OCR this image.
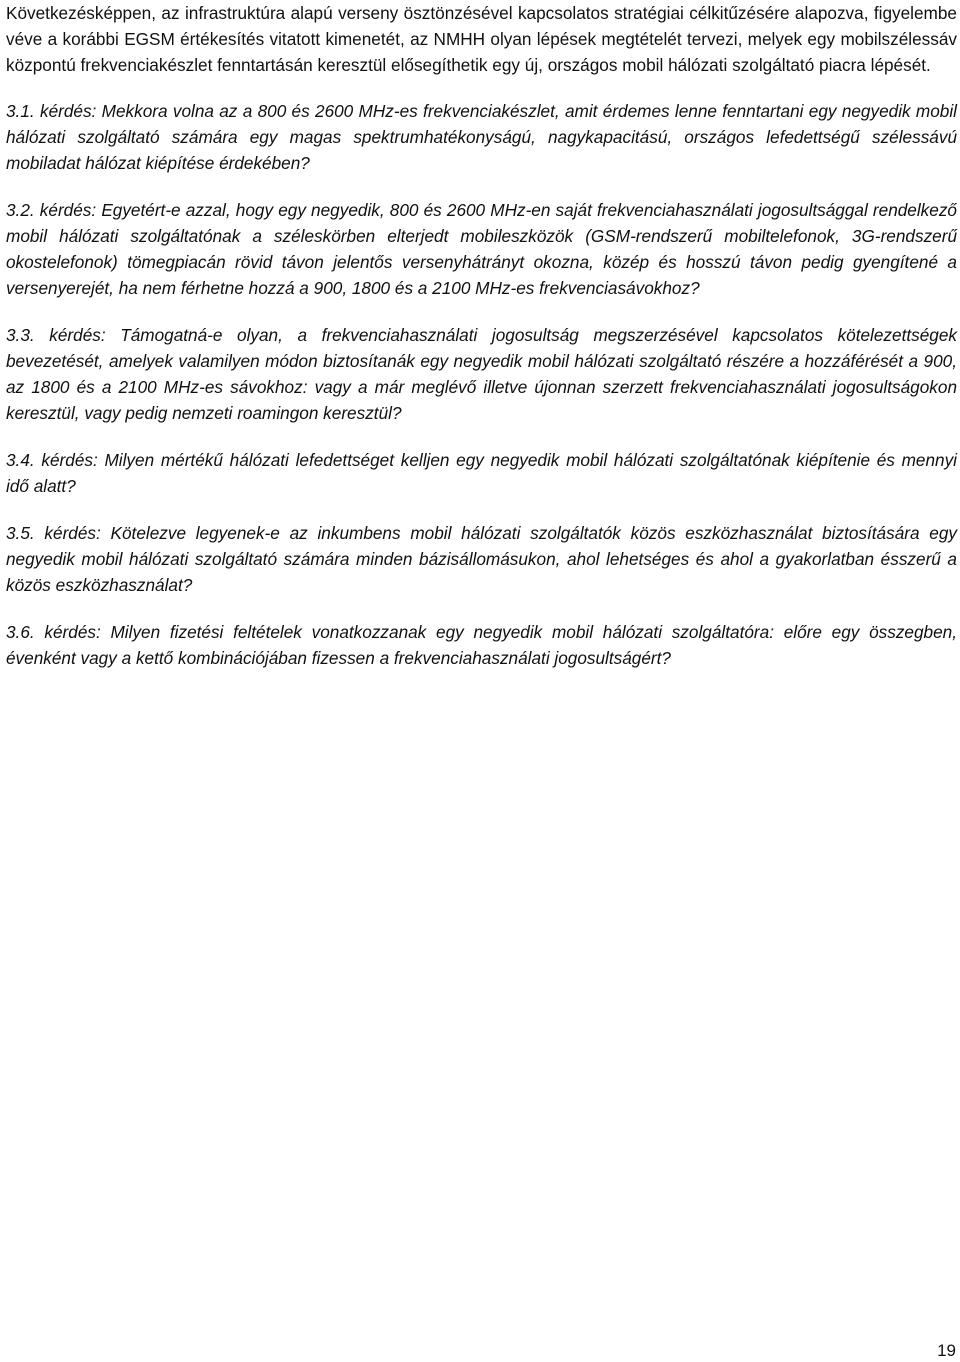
Következésképpen, az infrastruktúra alapú verseny ösztönzésével kapcsolatos stratégiai célkitűzésére alapozva, figyelembe véve a korábbi EGSM értékesítés vitatott kimenetét, az NMHH olyan lépések megtételét tervezi, melyek egy mobilszélessáv központú frekvenciakészlet fenntartásán keresztül elősegíthetik egy új, országos mobil hálózati szolgáltató piacra lépését.

3.1. kérdés: Mekkora volna az a 800 és 2600 MHz-es frekvenciakészlet, amit érdemes lenne fenntartani egy negyedik mobil hálózati szolgáltató számára egy magas spektrumhatékonyságú, nagykapacitású, országos lefedettségű szélessávú mobiladat hálózat kiépítése érdekében?

3.2. kérdés: Egyetért-e azzal, hogy egy negyedik, 800 és 2600 MHz-en saját frekvenciahasználati jogosultsággal rendelkező mobil hálózati szolgáltatónak a széleskörben elterjedt mobileszközök (GSM-rendszerű mobiltelefonok, 3G-rendszerű okostelefonok) tömegpiacán rövid távon jelentős versenyhátrányt okozna, közép és hosszú távon pedig gyengítené a versenyerejét, ha nem férhetne hozzá a 900, 1800 és a 2100 MHz-es frekvenciasávokhoz?

3.3. kérdés: Támogatná-e olyan, a frekvenciahasználati jogosultság megszerzésével kapcsolatos kötelezettségek bevezetését, amelyek valamilyen módon biztosítanák egy negyedik mobil hálózati szolgáltató részére a hozzáférését a 900, az 1800 és a 2100 MHz-es sávokhoz: vagy a már meglévő illetve újonnan szerzett frekvenciahasználati jogosultságokon keresztül, vagy pedig nemzeti roamingon keresztül?

3.4. kérdés: Milyen mértékű hálózati lefedettséget kelljen egy negyedik mobil hálózati szolgáltatónak kiépítenie és mennyi idő alatt?

3.5. kérdés: Kötelezve legyenek-e az inkumbens mobil hálózati szolgáltatók közös eszközhasználat biztosítására egy negyedik mobil hálózati szolgáltató számára minden bázisállomásukon, ahol lehetséges és ahol a gyakorlatban ésszerű a közös eszközhasználat?

3.6. kérdés: Milyen fizetési feltételek vonatkozzanak egy negyedik mobil hálózati szolgáltatóra: előre egy összegben, évenként vagy a kettő kombinációjában fizessen a frekvenciahasználati jogosultságért?

19
